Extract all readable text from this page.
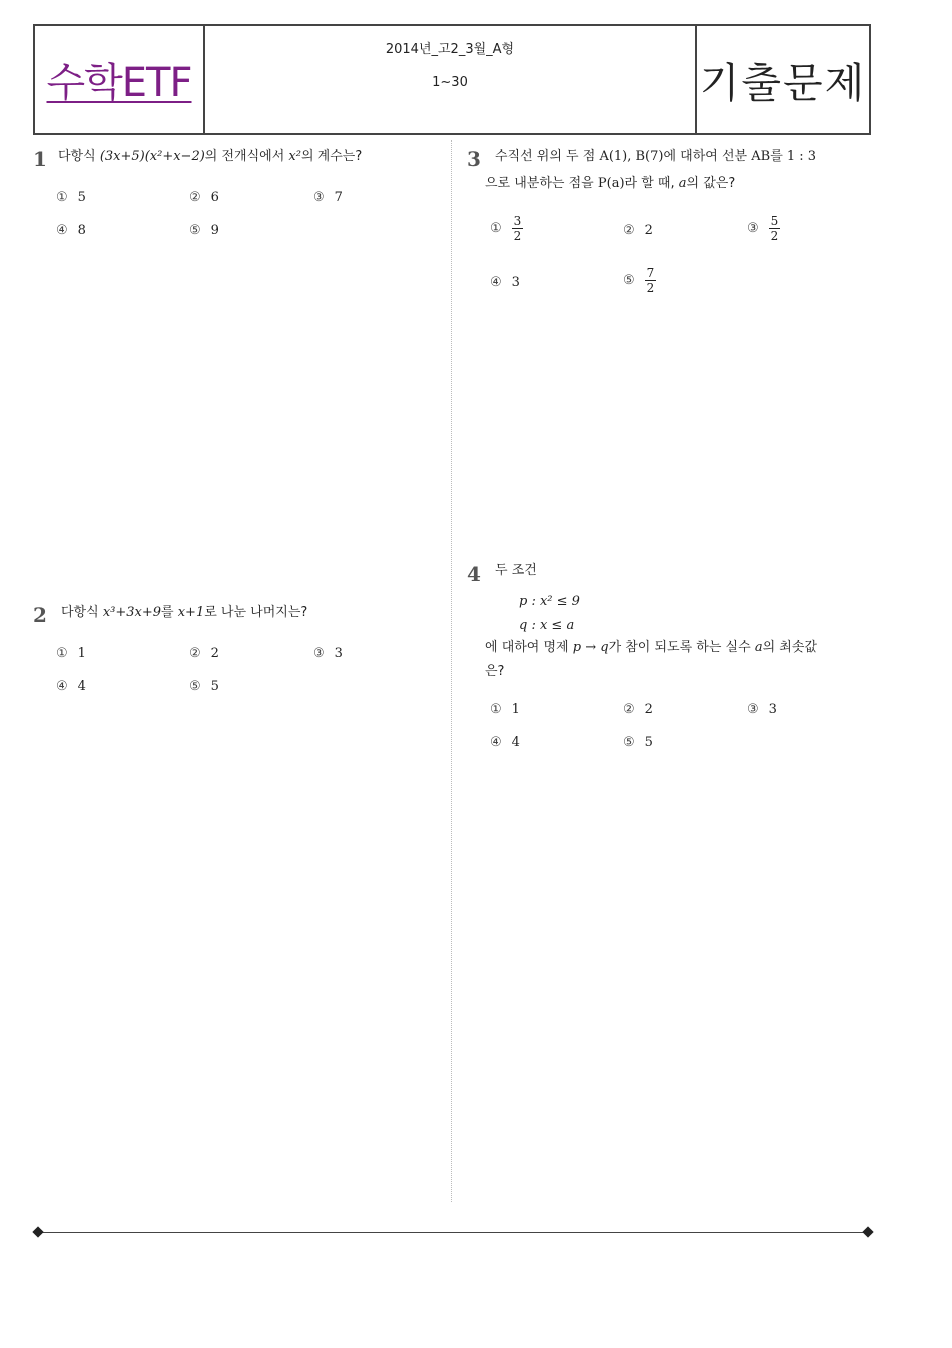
수학ETF
2014년_고2_3월_A형
1~30	기출문제
1 다항식 (3x+5)(x²+x−2)의 전개식에서 x²의 계수는?
① 5	② 6	③ 7
④ 8	⑤ 9
2 다항식 x³+3x+9를 x+1로 나눈 나머지는?
① 1	② 2	③ 3
④ 4	⑤ 5
3 수직선 위의 두 점 A(1), B(7)에 대하여 선분 AB를 1 : 3
으로 내분하는 점을 P(a)라 할 때, a의 값은?
① $\frac{3}{2}$	② 2	③ $\frac{5}{2}$
④ 3	⑤ $\frac{7}{2}$
4 두 조건
p : x² ≤ 9
q : x ≤ a
에 대하여 명제 p → q가 참이 되도록 하는 실수 a의 최솟값
은?
① 1	② 2	③ 3
④ 4	⑤ 5
